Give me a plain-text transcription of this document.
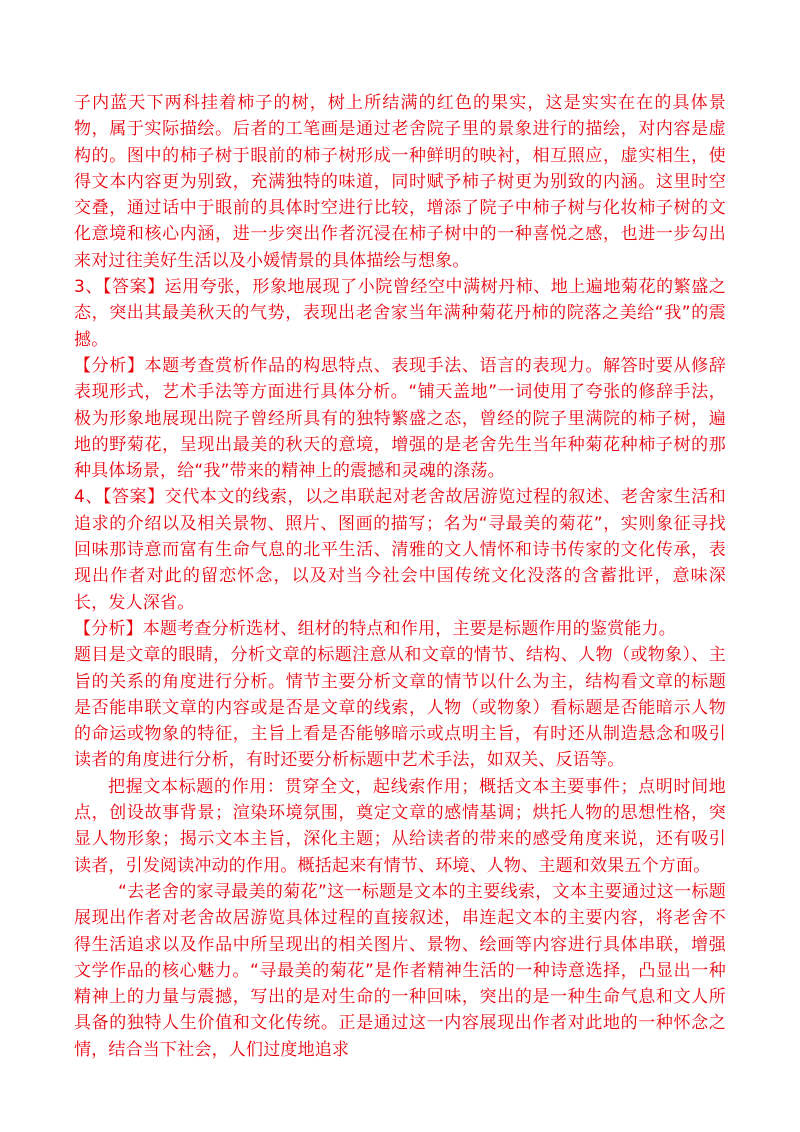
子内蓝天下两科挂着柿子的树，树上所结满的红色的果实，这是实实在在的具体景物，属于实际描绘。后者的工笔画是通过老舍院子里的景象进行的描绘，对内容是虚构的。图中的柿子树于眼前的柿子树形成一种鲜明的映衬，相互照应，虚实相生，使得文本内容更为别致，充满独特的味道，同时赋予柿子树更为别致的内涵。这里时空交叠，通过话中于眼前的具体时空进行比较，增添了院子中柿子树与化妆柿子树的文化意境和核心内涵，进一步突出作者沉浸在柿子树中的一种喜悦之感，也进一步勾出来对过往美好生活以及小媛情景的具体描绘与想象。

3、【答案】运用夸张，形象地展现了小院曾经空中满树丹柿、地上遍地菊花的繁盛之态，突出其最美秋天的气势，表现出老舍家当年满种菊花丹柿的院落之美给“我”的震撼。

【分析】本题考查赏析作品的构思特点、表现手法、语言的表现力。解答时要从修辞表现形式，艺术手法等方面进行具体分析。“铺天盖地”一词使用了夸张的修辞手法，极为形象地展现出院子曾经所具有的独特繁盛之态，曾经的院子里满院的柿子树，遍地的野菊花，呈现出最美的秋天的意境，增强的是老舍先生当年种菊花种柿子树的那种具体场景，给“我”带来的精神上的震撼和灵魂的涤荡。

4、【答案】交代本文的线索，以之串联起对老舍故居游览过程的叙述、老舍家生活和追求的介绍以及相关景物、照片、图画的描写；名为“寻最美的菊花”，实则象征寻找回味那诗意而富有生命气息的北平生活、清雅的文人情怀和诗书传家的文化传承，表现出作者对此的留恋怀念，以及对当今社会中国传统文化没落的含蓄批评，意味深长，发人深省。

【分析】本题考查分析选材、组材的特点和作用，主要是标题作用的鉴赏能力。

题目是文章的眼睛，分析文章的标题注意从和文章的情节、结构、人物（或物象）、主旨的关系的角度进行分析。情节主要分析文章的情节以什么为主，结构看文章的标题是否能串联文章的内容或是否是文章的线索，人物（或物象）看标题是否能暗示人物的命运或物象的特征，主旨上看是否能够暗示或点明主旨，有时还从制造悬念和吸引读者的角度进行分析，有时还要分析标题中艺术手法，如双关、反语等。

把握文本标题的作用：贯穿全文，起线索作用；概括文本主要事件；点明时间地点，创设故事背景；渲染环境氛围，奠定文章的感情基调；烘托人物的思想性格，突显人物形象；揭示文本主旨，深化主题；从给读者的带来的感受角度来说，还有吸引读者，引发阅读冲动的作用。概括起来有情节、环境、人物、主题和效果五个方面。

“去老舍的家寻最美的菊花”这一标题是文本的主要线索，文本主要通过这一标题展现出作者对老舍故居游览具体过程的直接叙述，串连起文本的主要内容，将老舍不得生活追求以及作品中所呈现出的相关图片、景物、绘画等内容进行具体串联，增强文学作品的核心魅力。“寻最美的菊花”是作者精神生活的一种诗意选择，凸显出一种精神上的力量与震撼，写出的是对生命的一种回味，突出的是一种生命气息和文人所具备的独特人生价值和文化传统。正是通过这一内容展现出作者对此地的一种怀念之情，结合当下社会，人们过度地追求
